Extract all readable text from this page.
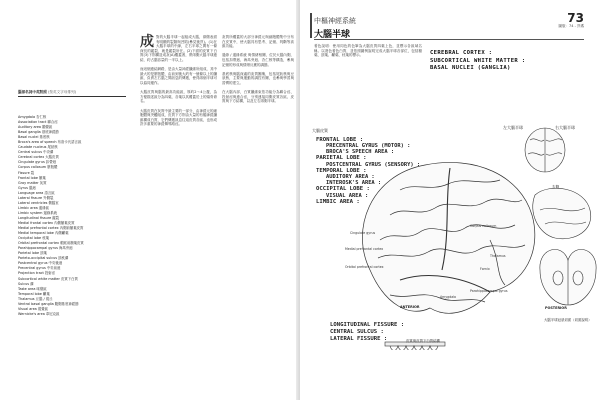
腦部名詞中英對照 (按英文字母排列)
Amygdala 杏仁核
Association tract 聯合徑
Auditory area 聽覺區
Basal ganglia 基底神經節
Basal nuclei 基底核
Broca's area of speech 布洛卡氏語言區
Caudate nucleus 尾狀核
Central sulcus 中央溝
Cerebral cortex 大腦皮質
Cingulate gyrus 扣帶迴
Corpus callosum 胼胝體
Fissure 裂
Frontal lobe 額葉
Gray matter 灰質
Gyrus 腦迴
Language area 語言區
Lateral fissure 外側裂
Lateral ventricles 側腦室
Limbic area 邊緣區
Limbic system 邊緣系統
Longitudinal fissure 縱裂
Medial frontal cortex 內側額葉皮質
Medial prefrontal cortex 內側前額葉皮質
Medial temporal lobe 內側顳葉
Occipital lobe 枕葉
Orbital prefrontal cortex 眼眶前額葉皮質
Parahippocampal gyrus 海馬旁迴
Parietal lobe 頂葉
Parieto-occipital sulcus 頂枕溝
Postcentral gyrus 中央後迴
Precentral gyrus 中央前迴
Projection tract 投射徑
Subcortical white matter 皮質下白質
Sulcus 溝
Taste area 味覺區
Temporal lobe 顳葉
Thalamus 丘腦 / 視丘
Ventral basal ganglia 腹側基底神經節
Visual area 視覺區
Wernicke's area 韋尼克區
成 對的大腦半球一起組成大腦，兩側表面有明顯的裂隙與凹陷(參見後頁)。(1)在大腦半球的中線，左右半球之間有一條深長的縱裂，就是縱裂所在。(2)下面的皮質下白質(3)下則構造成灰(A)覆蓋著，將兩側大腦半球連結，約占腦容量的一半以上。

而這個連結網路，是由大量神經纖維所組成，其中最大的是胼胝體，由前到後大約有一億條以上的纖維，負責左右腦之間訊息的傳遞，使得兩個半球可以協同運作。

大腦皮質與腦的最高功能區，厚約2～4公釐，為方便描述區分為四葉，各葉以其覆蓋於上的頭骨命名。

大腦皮質在灰質中最主要的一部分，由神經元的細胞體與突觸組成，皮質下方則由大量的有髓神經纖維構成白質，它們傳遞訊息往返皮質各區，也形成許多重要的神經傳導路徑。

灰質所覆蓋的大部分神經元與細胞體集中分布在皮質中，使大腦具有思考、記憶、判斷等高級功能。

邊緣 / 邊緣系統 與情緒相關，位於大腦內側，包括扣帶迴、海馬旁迴、杏仁核等構造，參與記憶的形成與情緒反應的調節。

基底核與腦深處的灰質團塊，包括尾狀核與豆狀核，主要與運動的調控有關，也參與學習與習慣的建立。

在大腦內部，白質纖維束依功能分為聯合徑、投射徑與連合徑，分別連接同側皮質各區、皮質與下方結構，以及左右兩側半球。

中樞神經系統
大腦半球
73
圖版：74 - 頁碼
著色說明：使用同色的色筆為大腦皮質四葉上色，並標示各區域名稱。以淺色著色白質，並依照圖例說明完成大腦半球各部位，包括額葉、頂葉、顳葉、枕葉的標示。	CEREBRAL CORTEX :
SUBCORTICAL WHITE MATTER :
BASAL NUCLEI (GANGLIA)
大腦皮質
左大腦半球	右大腦半球
FRONTAL LOBE :
PRECENTRAL GYRUS (MOTOR) :
BROCA'S SPEECH AREA :
PARIETAL LOBE :
POSTCENTRAL GYRUS (SENSORY) :
TEMPORAL LOBE :
AUDITORY AREA :
INTEROSK'S AREA :
OCCIPITAL LOBE :
VISUAL AREA :
LIMBIC AREA :
Cingulate gyrus
Medial prefrontal cortex
Orbital prefrontal cortex
Parahippocampal gyrus
Amygdala
Fornix
Thalamus
Corpus callosum
ANTERIOR	POSTERIOR
右側
LONGITUDINAL FISSURE :
CENTRAL SULCUS :
LATERAL FISSURE :
大腦半球冠狀切面（切面說明）
皮質與皮質下白質結構
